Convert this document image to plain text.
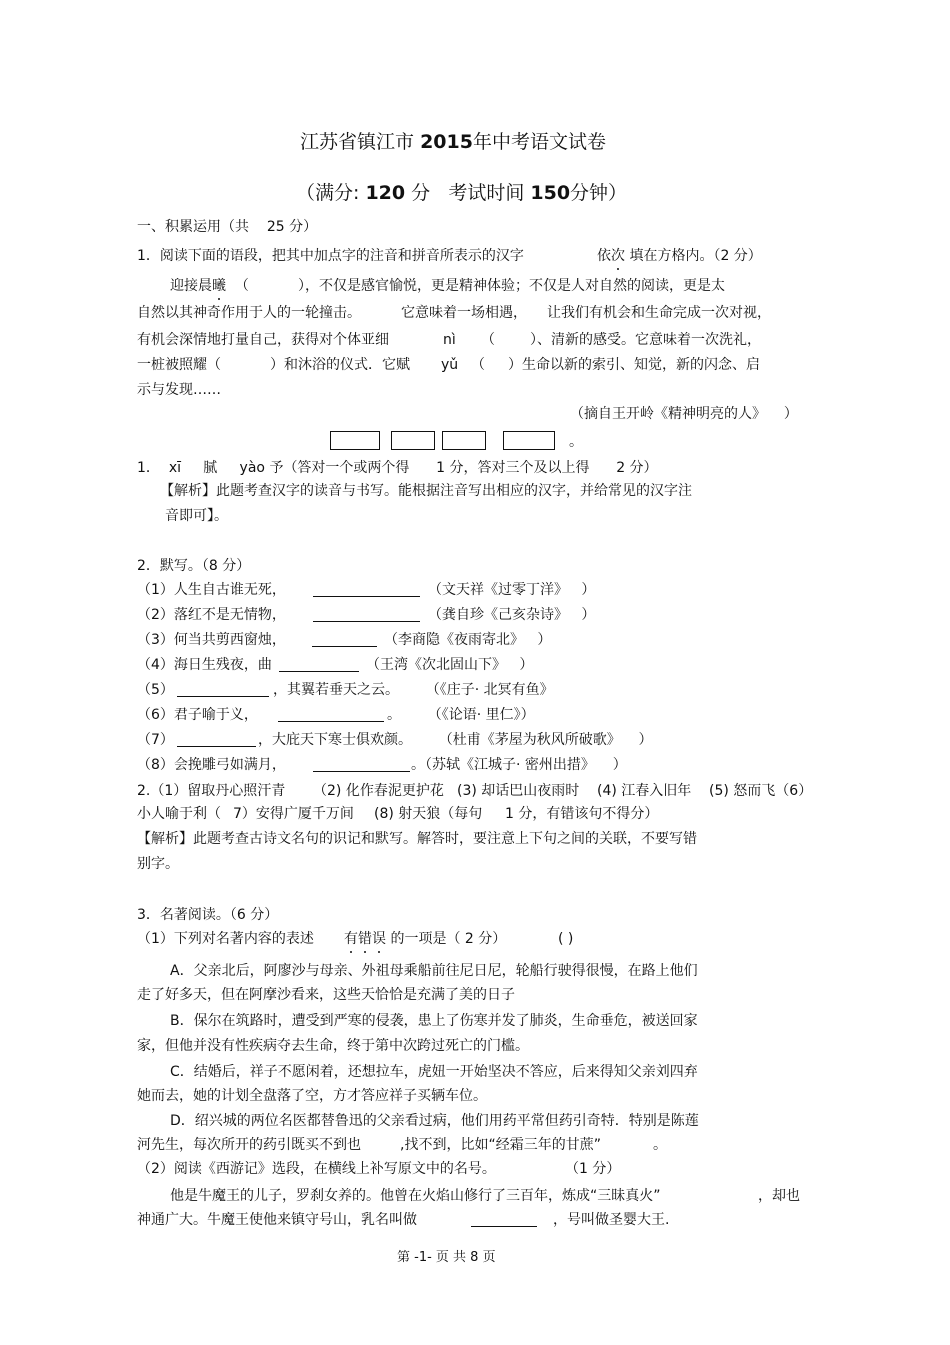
江苏省镇江市 2015年中考语文试卷
（满分: 120 分 考试时间 150分钟）
一、积累运用（共 25 分）
1．阅读下面的语段，把其中加点字的注音和拼音所表示的汉字	依次 填在方格内。（2 分）
迎接晨曦 （	），不仅是感官愉悦，更是精神体验；不仅是人对自然的阅读，更是太
自然以其神奇作用于人的一轮撞击。	它意味着一场相遇， 让我们有机会和生命完成一次对视，
有机会深情地打量自己，获得对个体亚细	nì （	）、清新的感受。它意味着一次洗礼，
一桩被照耀（	）和沐浴的仪式．它赋 yǔ （ ）生命以新的索引、知觉，新的闪念、启
示与发现……
（摘自王开岭《精神明亮的人》 ）
。
1． xī 腻 yào 予（答对一个或两个得 1 分，答对三个及以上得 2 分）
【解析】此题考查汉字的读音与书写。能根据注音写出相应的汉字，并给常见的汉字注
音即可】。
2．默写。（8 分）
（1）人生自古谁无死，	（文天祥《过零丁洋》 ）
（2）落红不是无情物，	（龚自珍《己亥杂诗》 ）
（3）何当共剪西窗烛，	（李商隐《夜雨寄北》 ）
（4）海日生残夜，曲	（王湾《次北固山下》 ）
（5）	，其翼若垂天之云。 （《庄子· 北冥有鱼》
（6）君子喻于义，	。 （《论语· 里仁》）
（7）	，大庇天下寒士俱欢颜。 （杜甫《茅屋为秋风所破歌》 ）
（8）会挽雕弓如满月，	。（苏轼《江城子· 密州出措》 ）
2.（1）留取丹心照汗青 （2) 化作春泥更护花 (3) 却话巴山夜雨时 (4) 江春入旧年 (5) 怒而飞（6）
小人喻于利（ 7）安得广厦千万间 (8) 射天狼（每句 1 分，有错该句不得分）
【解析】此题考查古诗文名句的识记和默写。解答时，要注意上下句之间的关联，不要写错
别字。
3．名著阅读。（6 分）
（1）下列对名著内容的表述 有错误 的一项是（ 2 分）	( )
A．父亲北后，阿廖沙与母亲、外祖母乘船前往尼日尼，轮船行驶得很慢，在路上他们
走了好多天，但在阿摩沙看来，这些天恰恰是充满了美的日子
B．保尔在筑路时，遭受到严寒的侵袭，患上了伤寒并发了肺炎，生命垂危，被送回家
家，但他并没有性疾病夺去生命，终于第中次跨过死亡的门槛。
C．结婚后，祥子不愿闲着，还想拉车，虎妞一开始坚决不答应，后来得知父亲刘四弃
她而去，她的计划全盘落了空，方才答应祥子买辆车位。
D．绍兴城的两位名医都替鲁迅的父亲看过病，他们用药平常但药引奇特．特别是陈莲
河先生，每次所开的药引既买不到也	,找不到，比如“经霜三年的甘蔗”	。
（2）阅读《西游记》选段，在横线上补写原文中的名号。	（1 分）
他是牛魔王的儿子，罗刹女养的。他曾在火焰山修行了三百年，炼成“三昧真火”	，却也
神通广大。牛魔王使他来镇守号山，乳名叫做	，号叫做圣婴大王.
第 -1- 页 共 8 页
